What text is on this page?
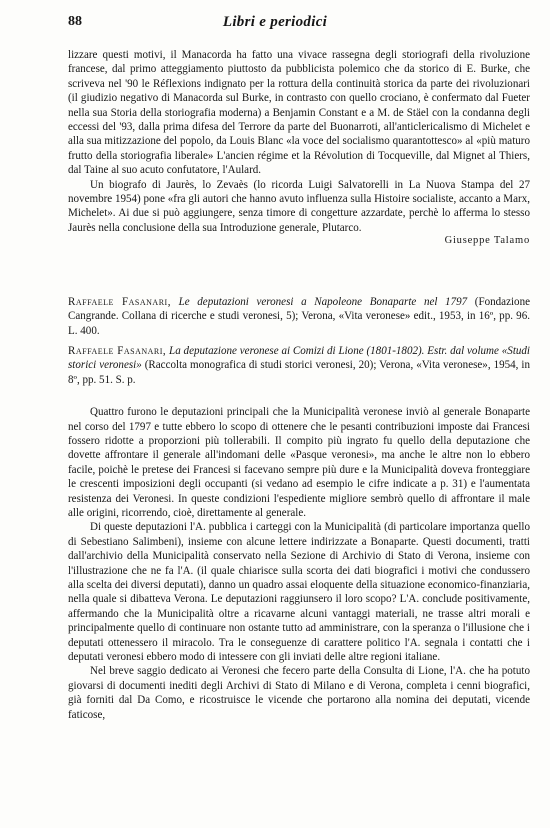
88	Libri e periodici

lizzare questi motivi, il Manacorda ha fatto una vivace rassegna degli storiografi della rivoluzione francese, dal primo atteggiamento piuttosto da pubblicista polemico che da storico di E. Burke, che scriveva nel '90 le Réflexions indignato per la rottura della continuità storica da parte dei rivoluzionari (il giudizio negativo di Manacorda sul Burke, in contrasto con quello crociano, è confermato dal Fueter nella sua Storia della storiografia moderna) a Benjamin Constant e a M. de Stäel con la condanna degli eccessi del '93, dalla prima difesa del Terrore da parte del Buonarroti, all'anticlericalismo di Michelet e alla sua mitizzazione del popolo, da Louis Blanc «la voce del socialismo quarantottesco» al «più maturo frutto della storiografia liberale» L'ancien régime et la Révolution di Tocqueville, dal Mignet al Thiers, dal Taine al suo acuto confutatore, l'Aulard.

Un biografo di Jaurès, lo Zevaès (lo ricorda Luigi Salvatorelli in La Nuova Stampa del 27 novembre 1954) pone «fra gli autori che hanno avuto influenza sulla Histoire socialiste, accanto a Marx, Michelet». Ai due si può aggiungere, senza timore di congetture azzardate, perchè lo afferma lo stesso Jaurès nella conclusione della sua Introduzione generale, Plutarco.

Giuseppe Talamo

Raffaele Fasanari, Le deputazioni veronesi a Napoleone Bonaparte nel 1797 (Fondazione Cangrande. Collana di ricerche e studi veronesi, 5); Verona, «Vita veronese» edit., 1953, in 16º, pp. 96. L. 400.

Raffaele Fasanari, La deputazione veronese ai Comizi di Lione (1801-1802). Estr. dal volume «Studi storici veronesi» (Raccolta monografica di studi storici veronesi, 20); Verona, «Vita veronese», 1954, in 8º, pp. 51. S. p.

Quattro furono le deputazioni principali che la Municipalità veronese inviò al generale Bonaparte nel corso del 1797 e tutte ebbero lo scopo di ottenere che le pesanti contribuzioni imposte dai Francesi fossero ridotte a proporzioni più tollerabili. Il compito più ingrato fu quello della deputazione che dovette affrontare il generale all'indomani delle «Pasque veronesi», ma anche le altre non lo ebbero facile, poichè le pretese dei Francesi si facevano sempre più dure e la Municipalità doveva fronteggiare le crescenti imposizioni degli occupanti (si vedano ad esempio le cifre indicate a p. 31) e l'aumentata resistenza dei Veronesi. In queste condizioni l'espediente migliore sembrò quello di affrontare il male alle origini, ricorrendo, cioè, direttamente al generale.

Di queste deputazioni l'A. pubblica i carteggi con la Municipalità (di particolare importanza quello di Sebestiano Salimbeni), insieme con alcune lettere indirizzate a Bonaparte. Questi documenti, tratti dall'archivio della Municipalità conservato nella Sezione di Archivio di Stato di Verona, insieme con l'illustrazione che ne fa l'A. (il quale chiarisce sulla scorta dei dati biografici i motivi che condussero alla scelta dei diversi deputati), danno un quadro assai eloquente della situazione economico-finanziaria, nella quale si dibatteva Verona. Le deputazioni raggiunsero il loro scopo? L'A. conclude positivamente, affermando che la Municipalità oltre a ricavarne alcuni vantaggi materiali, ne trasse altri morali e principalmente quello di continuare non ostante tutto ad amministrare, con la speranza o l'illusione che i deputati ottenessero il miracolo. Tra le conseguenze di carattere politico l'A. segnala i contatti che i deputati veronesi ebbero modo di intessere con gli inviati delle altre regioni italiane.

Nel breve saggio dedicato ai Veronesi che fecero parte della Consulta di Lione, l'A. che ha potuto giovarsi di documenti inediti degli Archivi di Stato di Milano e di Verona, completa i cenni biografici, già forniti dal Da Como, e ricostruisce le vicende che portarono alla nomina dei deputati, vicende faticose,
